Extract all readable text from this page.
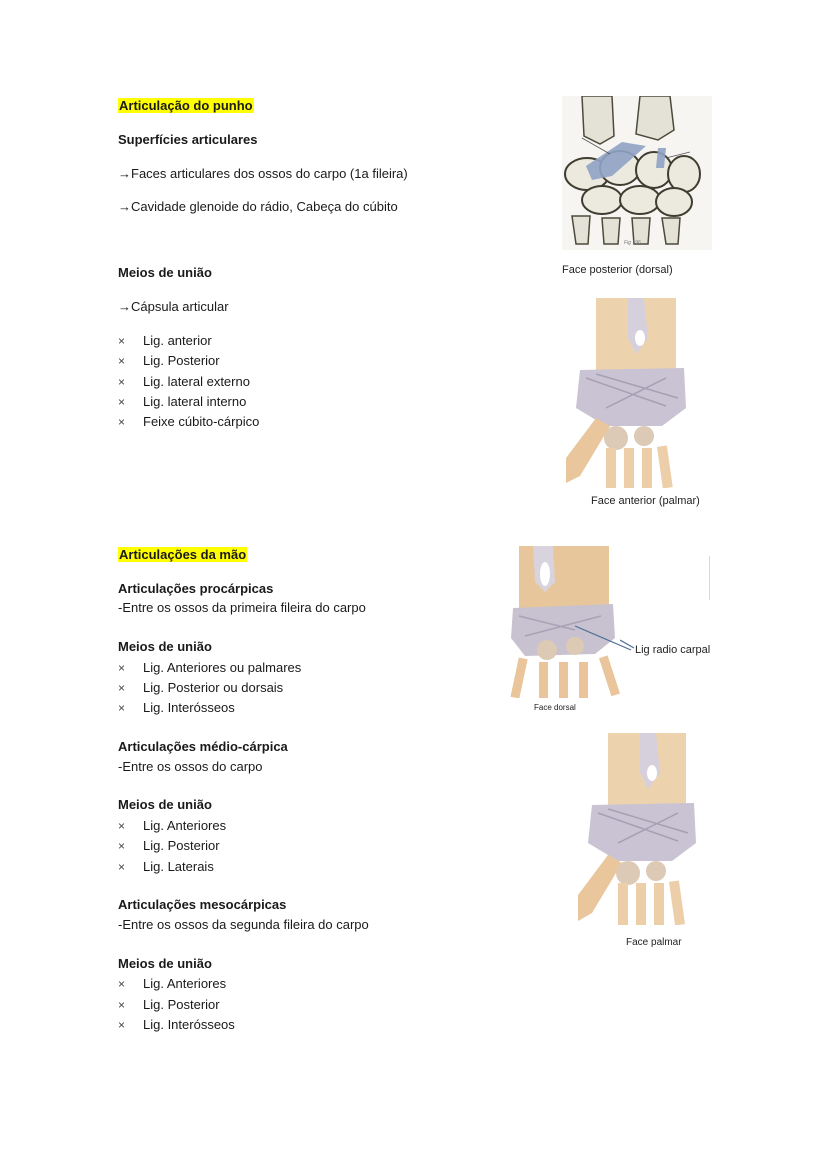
Articulação do punho
Superfícies articulares
→Faces articulares dos ossos do carpo (1a fileira)
→Cavidade glenoide do rádio, Cabeça do cúbito
Meios de união
→Cápsula articular
× Lig. anterior
× Lig. Posterior
× Lig. lateral externo
× Lig. lateral interno
× Feixe cúbito-cárpico
Fig 196
Face posterior (dorsal)
Face anterior (palmar)
Articulações da mão
Articulações procárpicas
-Entre os ossos da primeira fileira do carpo
Meios de união
× Lig. Anteriores ou palmares
× Lig. Posterior ou dorsais
× Lig. Interósseos
Articulações médio-cárpica
-Entre os ossos do carpo
Meios de união
× Lig. Anteriores
× Lig. Posterior
× Lig. Laterais
Articulações mesocárpicas
-Entre os ossos da segunda fileira do carpo
Meios de união
× Lig. Anteriores
× Lig. Posterior
× Lig. Interósseos
Lig radio carpal
Face dorsal
Face palmar
